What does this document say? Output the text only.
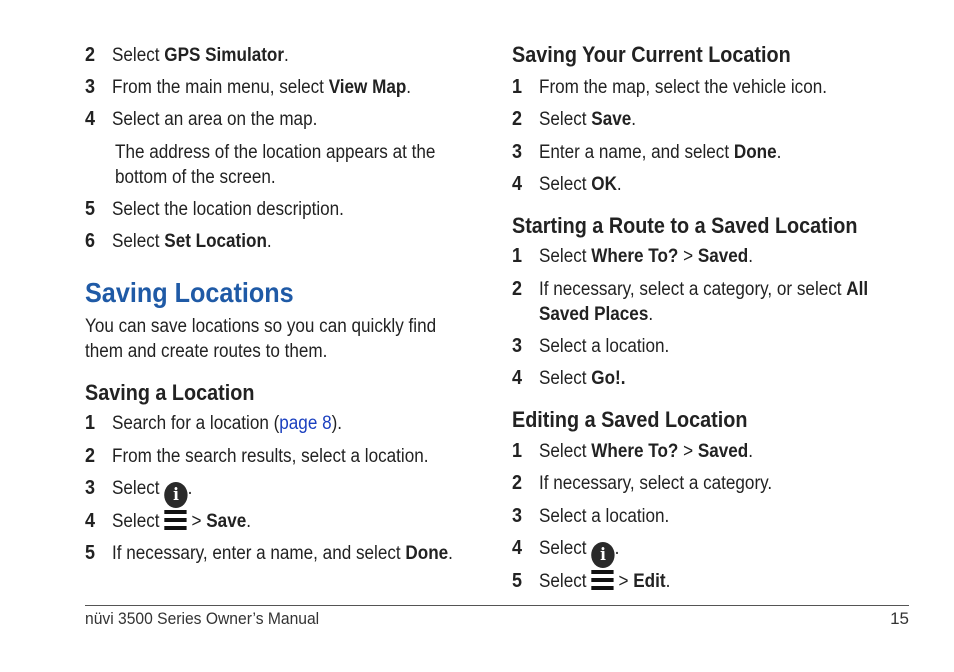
2 Select GPS Simulator.
3 From the main menu, select View Map.
4 Select an area on the map.
The address of the location appears at the bottom of the screen.
5 Select the location description.
6 Select Set Location.
Saving Locations
You can save locations so you can quickly find them and create routes to them.
Saving a Location
1 Search for a location (page 8).
2 From the search results, select a location.
3 Select i .
4 Select  > Save.
5 If necessary, enter a name, and select Done.
Saving Your Current Location
1 From the map, select the vehicle icon.
2 Select Save.
3 Enter a name, and select Done.
4 Select OK.
Starting a Route to a Saved Location
1 Select Where To? > Saved.
2 If necessary, select a category, or select All Saved Places.
3 Select a location.
4 Select Go!.
Editing a Saved Location
1 Select Where To? > Saved.
2 If necessary, select a category.
3 Select a location.
4 Select i .
5 Select  > Edit.
nüvi 3500 Series Owner’s Manual	15
